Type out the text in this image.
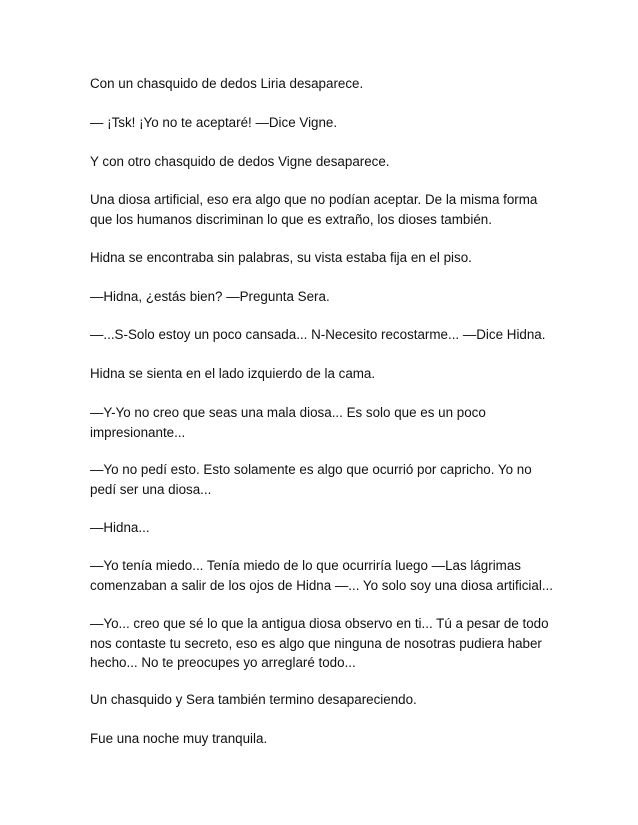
Con un chasquido de dedos Liria desaparece.

— ¡Tsk! ¡Yo no te aceptaré! —Dice Vigne.

Y con otro chasquido de dedos Vigne desaparece.

Una diosa artificial, eso era algo que no podían aceptar. De la misma forma
que los humanos discriminan lo que es extraño, los dioses también.

Hidna se encontraba sin palabras, su vista estaba fija en el piso.

—Hidna, ¿estás bien? —Pregunta Sera.

—...S-Solo estoy un poco cansada... N-Necesito recostarme... —Dice Hidna.

Hidna se sienta en el lado izquierdo de la cama.

—Y-Yo no creo que seas una mala diosa... Es solo que es un poco
impresionante...

—Yo no pedí esto. Esto solamente es algo que ocurrió por capricho. Yo no
pedí ser una diosa...

—Hidna...

—Yo tenía miedo... Tenía miedo de lo que ocurriría luego —Las lágrimas
comenzaban a salir de los ojos de Hidna —... Yo solo soy una diosa artificial...

—Yo... creo que sé lo que la antigua diosa observo en ti... Tú a pesar de todo
nos contaste tu secreto, eso es algo que ninguna de nosotras pudiera haber
hecho... No te preocupes yo arreglaré todo...

Un chasquido y Sera también termino desapareciendo.

Fue una noche muy tranquila.
